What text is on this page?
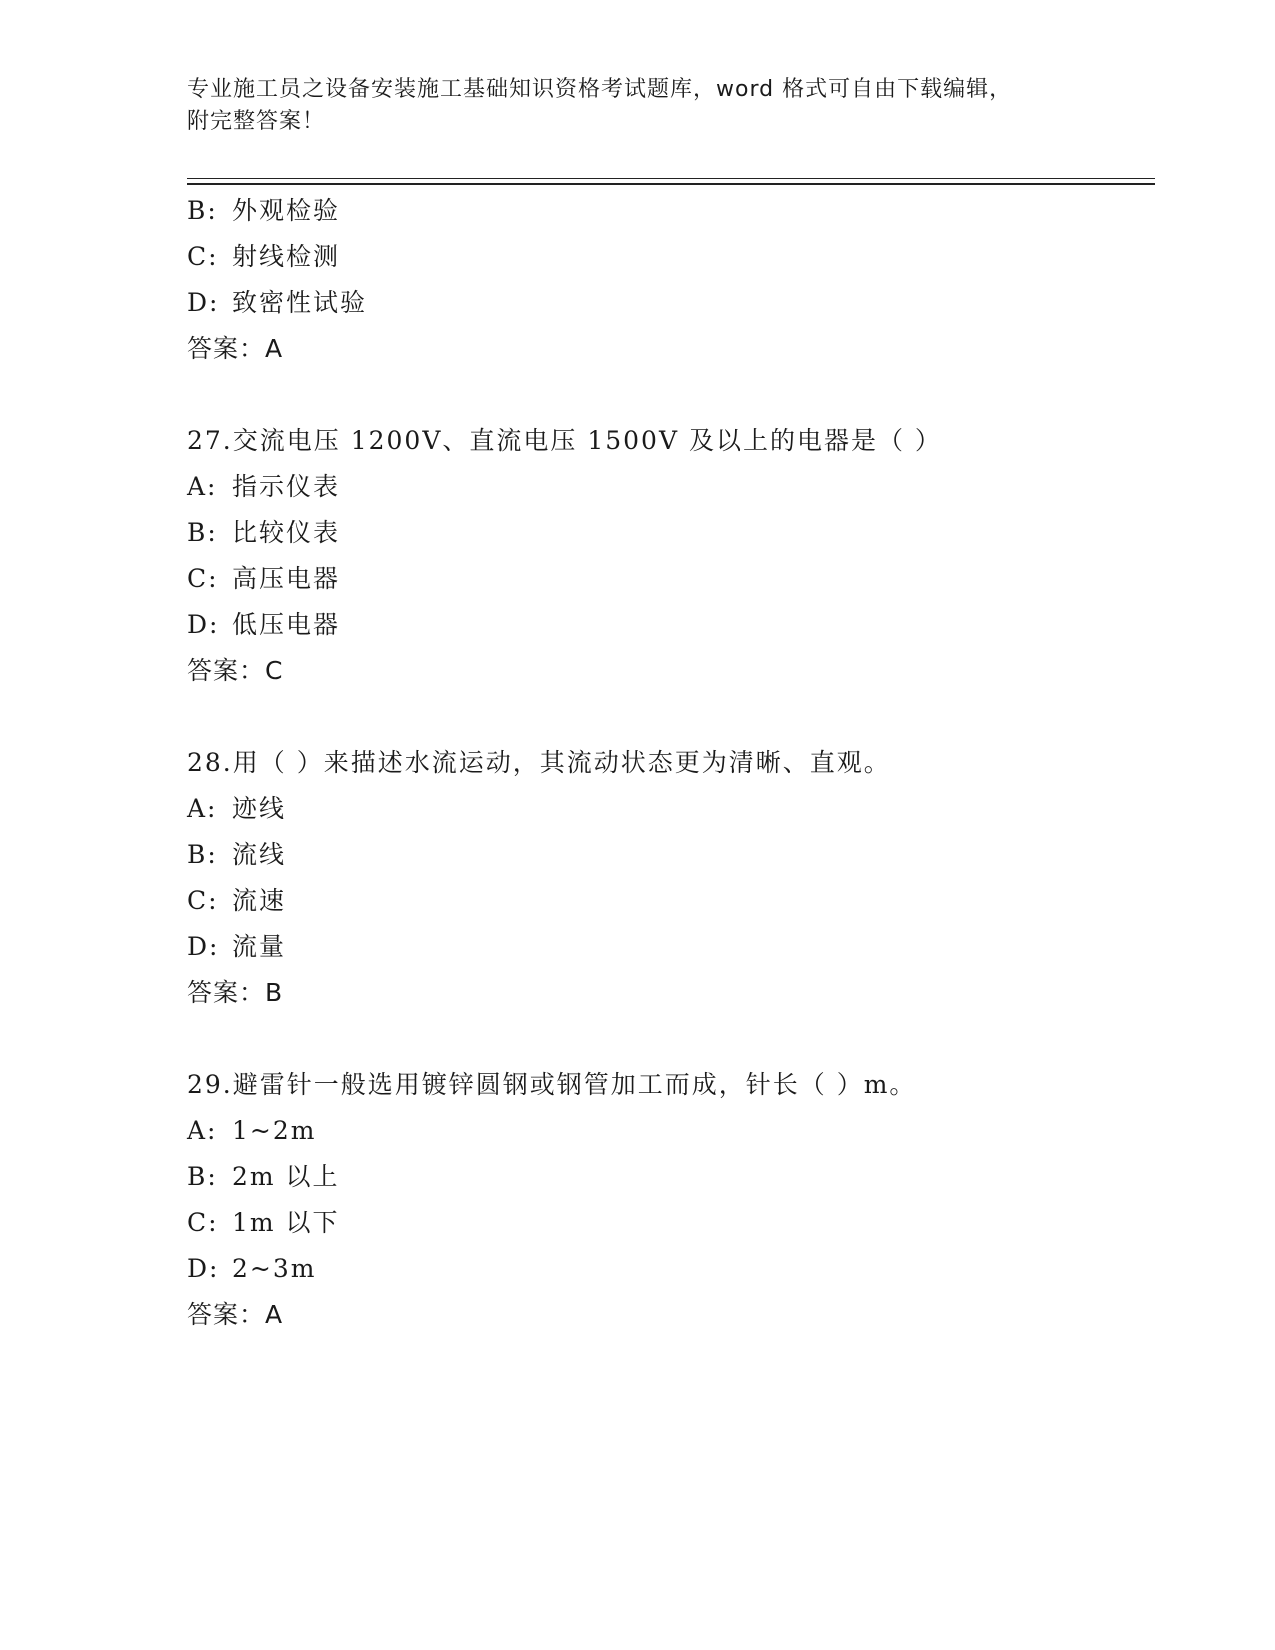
专业施工员之设备安装施工基础知识资格考试题库，word 格式可自由下载编辑，
附完整答案！
B: 外观检验
C: 射线检测
D: 致密性试验
答案：A
27.交流电压 1200V、直流电压 1500V 及以上的电器是（ ）
A: 指示仪表
B: 比较仪表
C: 高压电器
D: 低压电器
答案：C
28.用（ ）来描述水流运动，其流动状态更为清晰、直观。
A: 迹线
B: 流线
C: 流速
D: 流量
答案：B
29.避雷针一般选用镀锌圆钢或钢管加工而成，针长（ ）m。
A: 1~2m
B: 2m 以上
C: 1m 以下
D: 2~3m
答案：A
